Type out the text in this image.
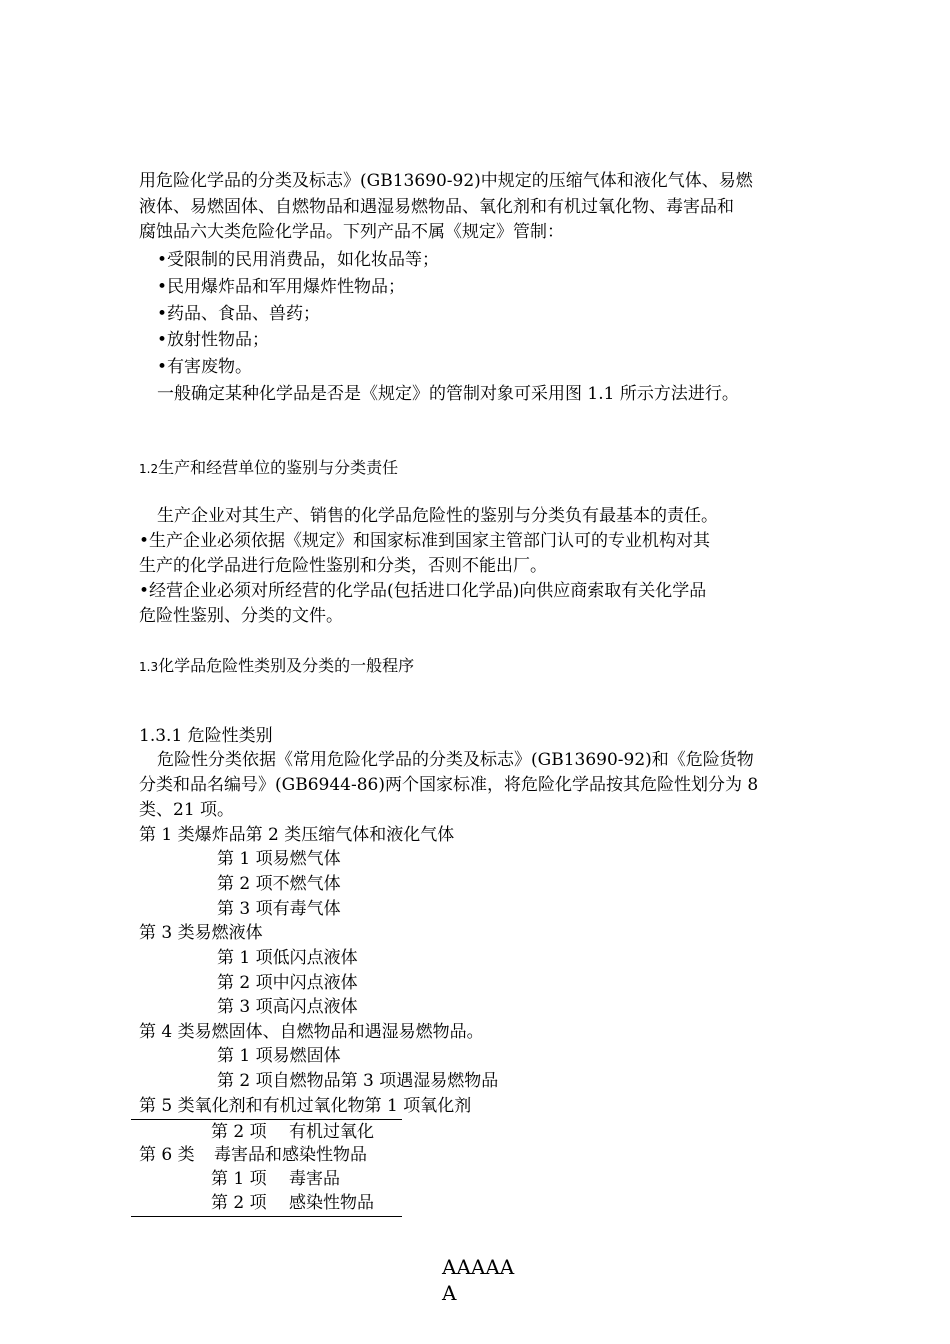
用危险化学品的分类及标志》(GB13690-92)中规定的压缩气体和液化气体、易燃
液体、易燃固体、自燃物品和遇湿易燃物品、氧化剂和有机过氧化物、毒害品和
腐蚀品六大类危险化学品。下列产品不属《规定》管制：
•受限制的民用消费品，如化妆品等；
•民用爆炸品和军用爆炸性物品；
•药品、食品、兽药；
•放射性物品；
•有害废物。
一般确定某种化学品是否是《规定》的管制对象可采用图 1.1 所示方法进行。
1.2生产和经营单位的鉴别与分类责任
生产企业对其生产、销售的化学品危险性的鉴别与分类负有最基本的责任。
•生产企业必须依据《规定》和国家标准到国家主管部门认可的专业机构对其
生产的化学品进行危险性鉴别和分类，否则不能出厂。
•经营企业必须对所经营的化学品(包括进口化学品)向供应商索取有关化学品
危险性鉴别、分类的文件。
1.3化学品危险性类别及分类的一般程序
1.3.1 危险性类别
危险性分类依据《常用危险化学品的分类及标志》(GB13690-92)和《危险货物
分类和品名编号》(GB6944-86)两个国家标准，将危险化学品按其危险性划分为 8
类、21 项。
第 1 类爆炸品第 2 类压缩气体和液化气体
第 1 项易燃气体
第 2 项不燃气体
第 3 项有毒气体
第 3 类易燃液体
第 1 项低闪点液体
第 2 项中闪点液体
第 3 项高闪点液体
第 4 类易燃固体、自燃物品和遇湿易燃物品。
第 1 项易燃固体
第 2 项自燃物品第 3 项遇湿易燃物品
第 5 类氧化剂和有机过氧化物第 1 项氧化剂
第 2 项 有机过氧化
第 6 类 毒害品和感染性物品
第 1 项 毒害品
第 2 项 感染性物品
AAAAA
A
